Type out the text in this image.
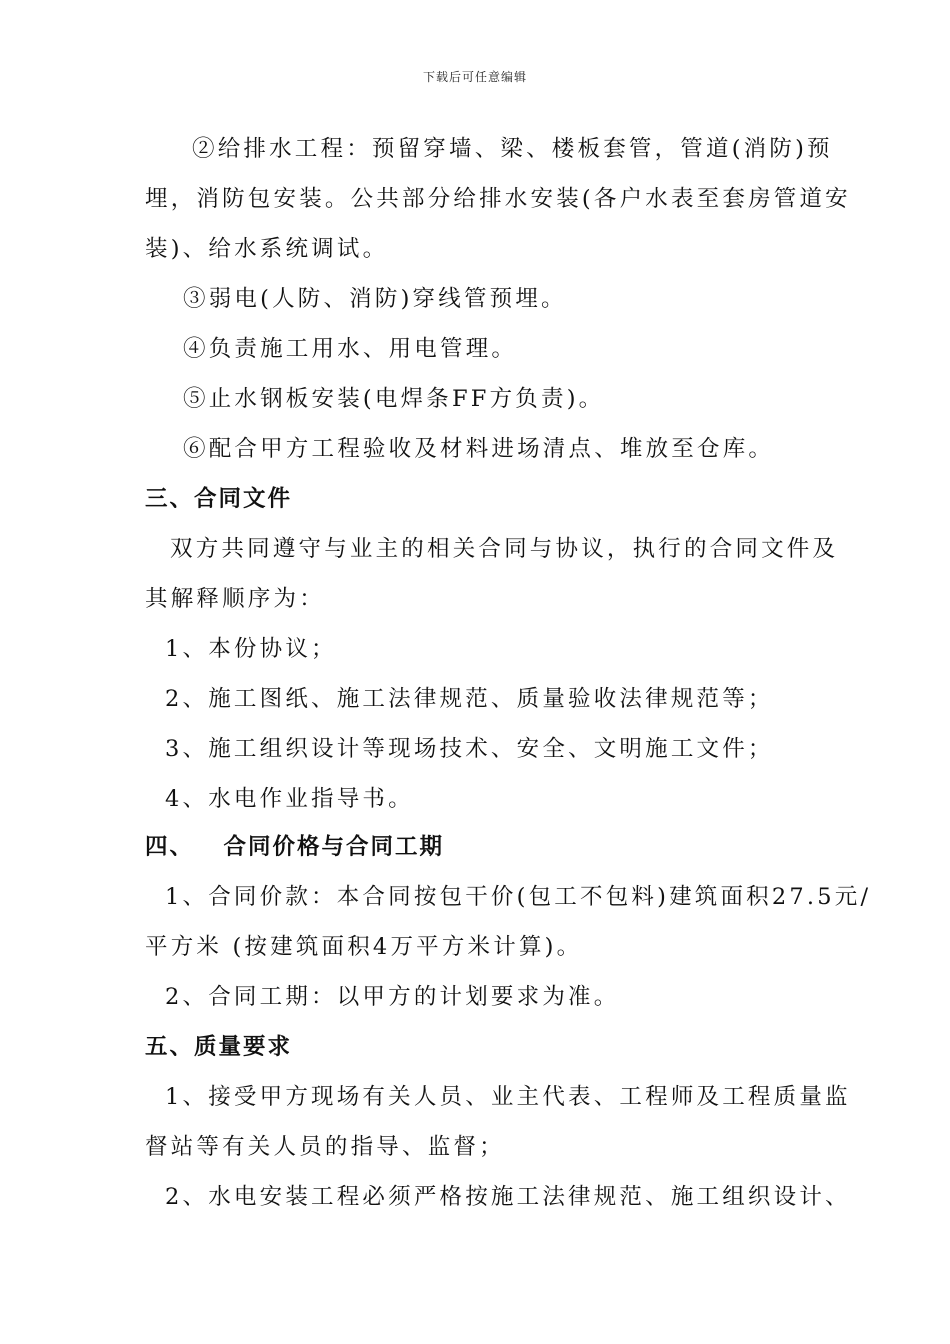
下载后可任意编辑
②给排水工程：预留穿墙、梁、楼板套管，管道(消防)预
埋，消防包安装。公共部分给排水安装(各户水表至套房管道安
装)、给水系统调试。
③弱电(人防、消防)穿线管预埋。
④负责施工用水、用电管理。
⑤止水钢板安装(电焊条FF方负责)。
⑥配合甲方工程验收及材料进场清点、堆放至仓库。
三、合同文件
双方共同遵守与业主的相关合同与协议，执行的合同文件及
其解释顺序为：
1、本份协议；
2、施工图纸、施工法律规范、质量验收法律规范等；
3、施工组织设计等现场技术、安全、文明施工文件；
4、水电作业指导书。
四、   合同价格与合同工期
1、合同价款：本合同按包干价(包工不包料)建筑面积27.5元/
平方米 (按建筑面积4万平方米计算)。
2、合同工期：以甲方的计划要求为准。
五、质量要求
1、接受甲方现场有关人员、业主代表、工程师及工程质量监
督站等有关人员的指导、监督；
2、水电安装工程必须严格按施工法律规范、施工组织设计、
